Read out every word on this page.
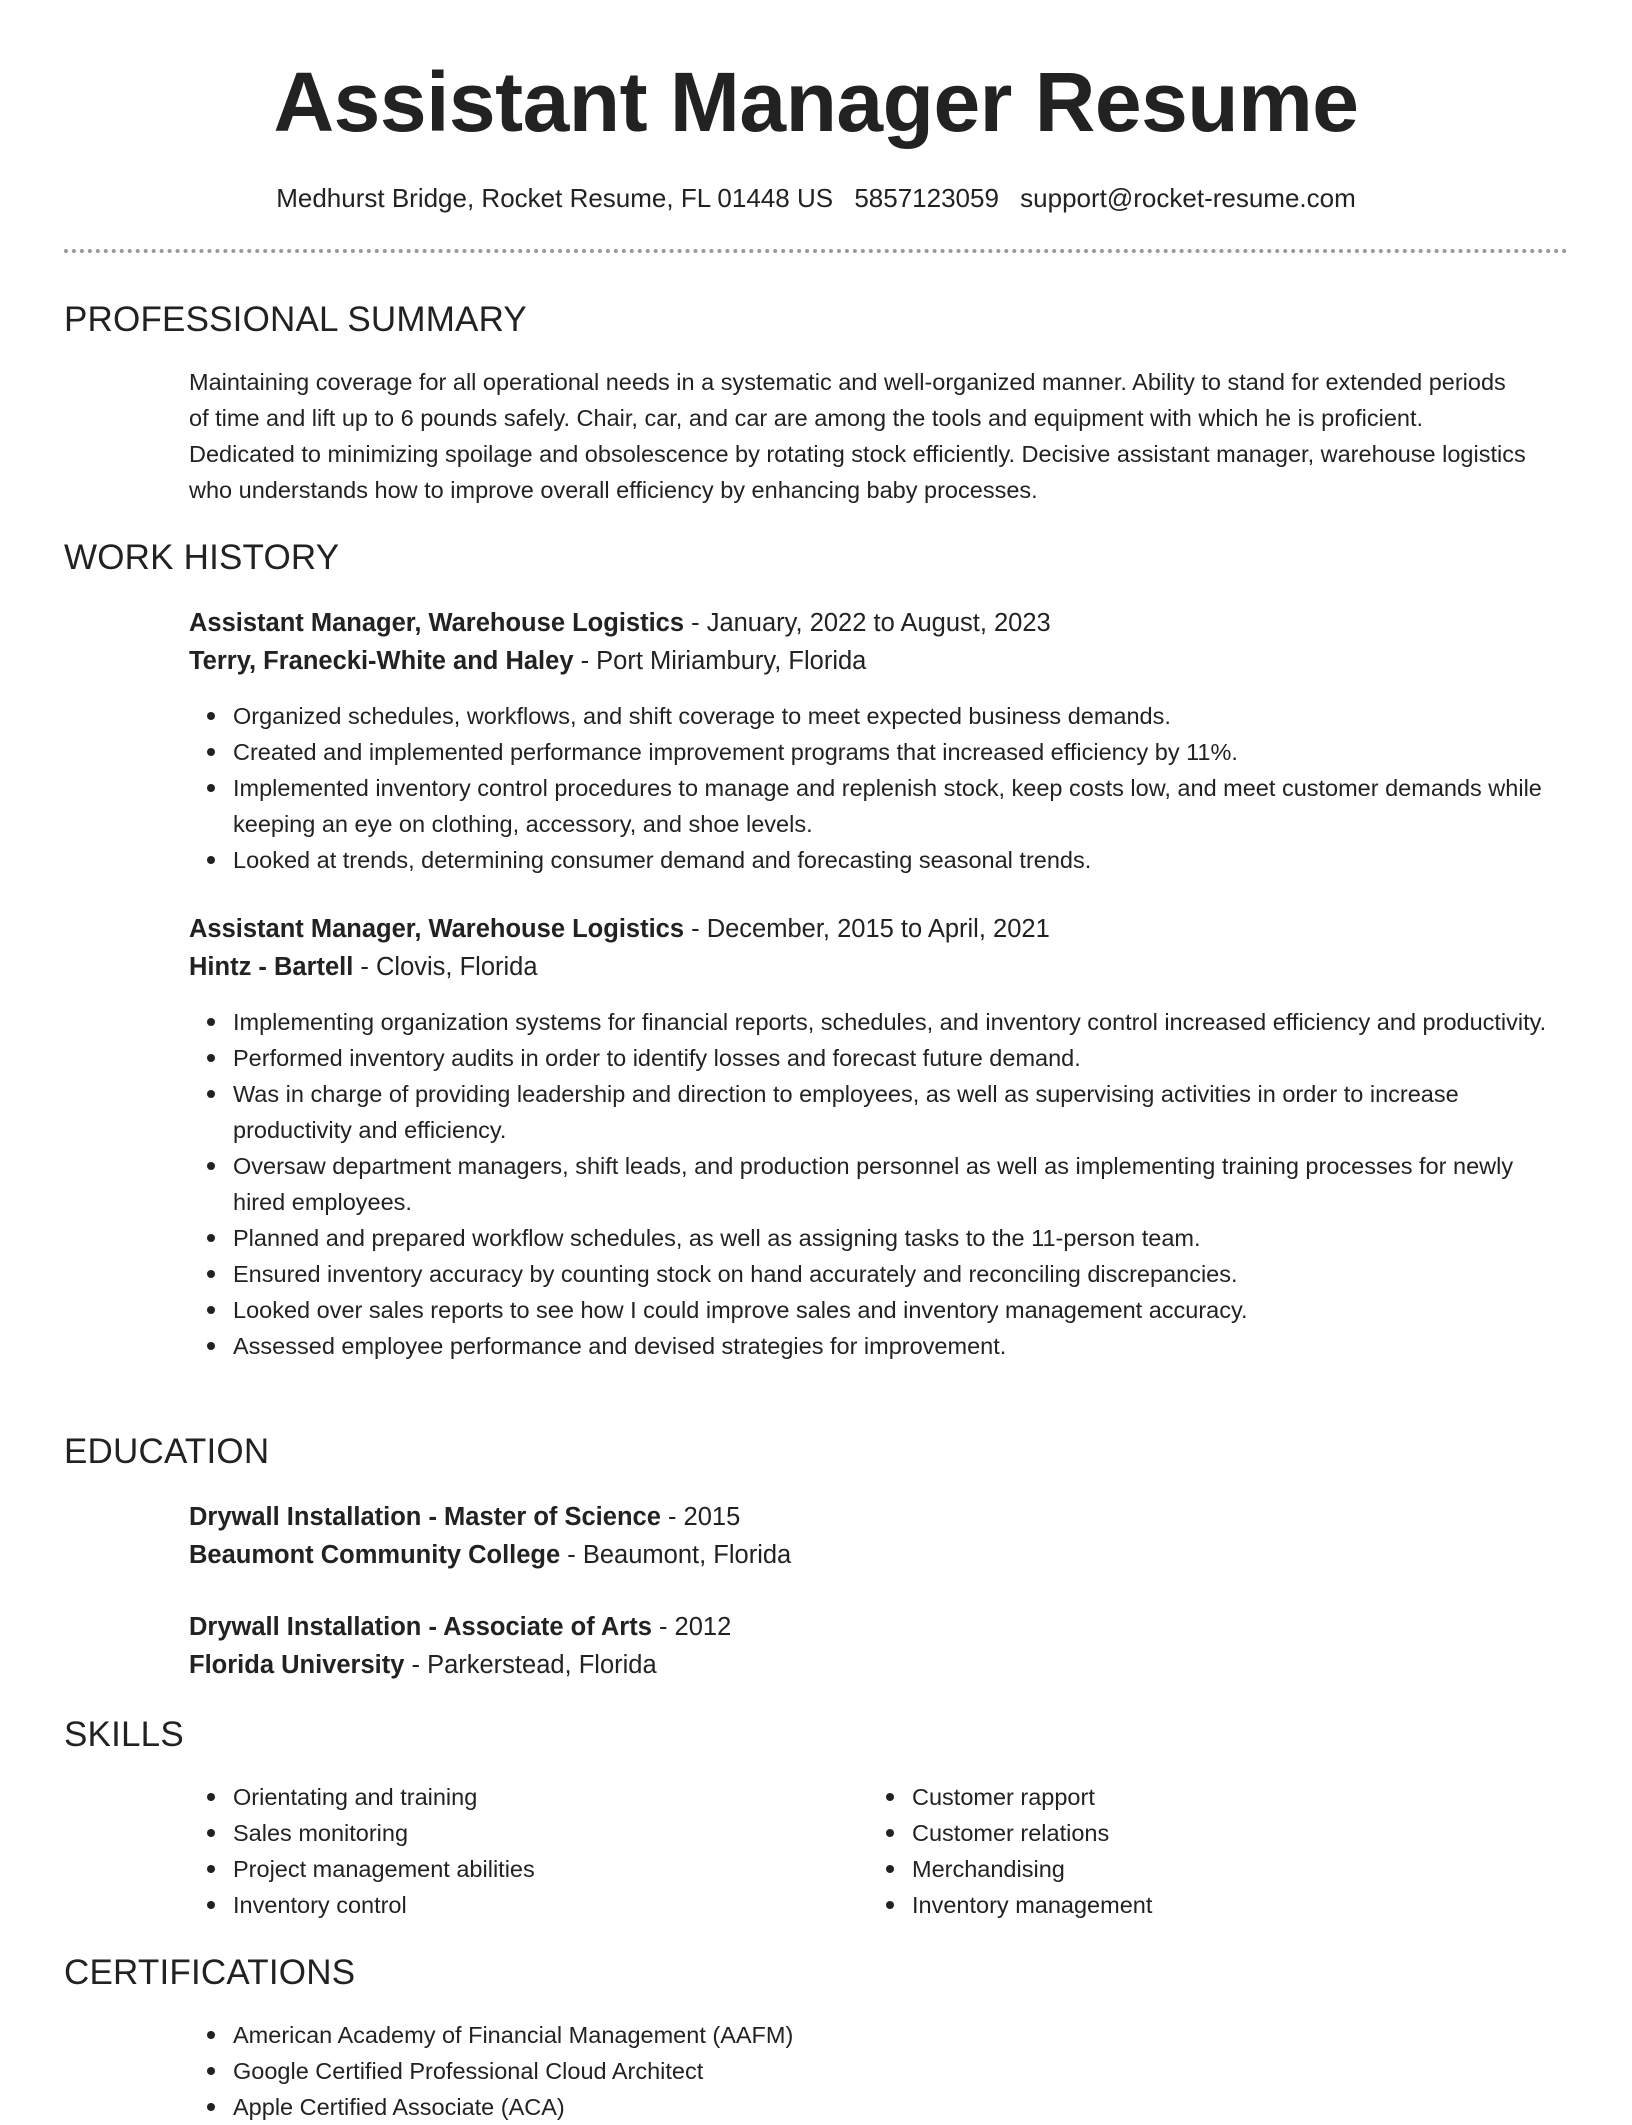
Assistant Manager Resume
Medhurst Bridge, Rocket Resume, FL 01448 US 5857123059 support@rocket-resume.com
PROFESSIONAL SUMMARY

Maintaining coverage for all operational needs in a systematic and well-organized manner. Ability to stand for extended periods of time and lift up to 6 pounds safely. Chair, car, and car are among the tools and equipment with which he is proficient. Dedicated to minimizing spoilage and obsolescence by rotating stock efficiently. Decisive assistant manager, warehouse logistics who understands how to improve overall efficiency by enhancing baby processes.

WORK HISTORY
Assistant Manager, Warehouse Logistics - January, 2022 to August, 2023
Terry, Franecki-White and Haley - Port Miriambury, Florida
Organized schedules, workflows, and shift coverage to meet expected business demands.
Created and implemented performance improvement programs that increased efficiency by 11%.
Implemented inventory control procedures to manage and replenish stock, keep costs low, and meet customer demands while keeping an eye on clothing, accessory, and shoe levels.
Looked at trends, determining consumer demand and forecasting seasonal trends.
Assistant Manager, Warehouse Logistics - December, 2015 to April, 2021
Hintz - Bartell - Clovis, Florida
Implementing organization systems for financial reports, schedules, and inventory control increased efficiency and productivity.
Performed inventory audits in order to identify losses and forecast future demand.
Was in charge of providing leadership and direction to employees, as well as supervising activities in order to increase productivity and efficiency.
Oversaw department managers, shift leads, and production personnel as well as implementing training processes for newly hired employees.
Planned and prepared workflow schedules, as well as assigning tasks to the 11-person team.
Ensured inventory accuracy by counting stock on hand accurately and reconciling discrepancies.
Looked over sales reports to see how I could improve sales and inventory management accuracy.
Assessed employee performance and devised strategies for improvement.
EDUCATION
Drywall Installation - Master of Science - 2015
Beaumont Community College - Beaumont, Florida
Drywall Installation - Associate of Arts - 2012
Florida University - Parkerstead, Florida
SKILLS
Orientating and training
Sales monitoring
Project management abilities
Inventory control
Customer rapport
Customer relations
Merchandising
Inventory management
CERTIFICATIONS
American Academy of Financial Management (AAFM)
Google Certified Professional Cloud Architect
Apple Certified Associate (ACA)
